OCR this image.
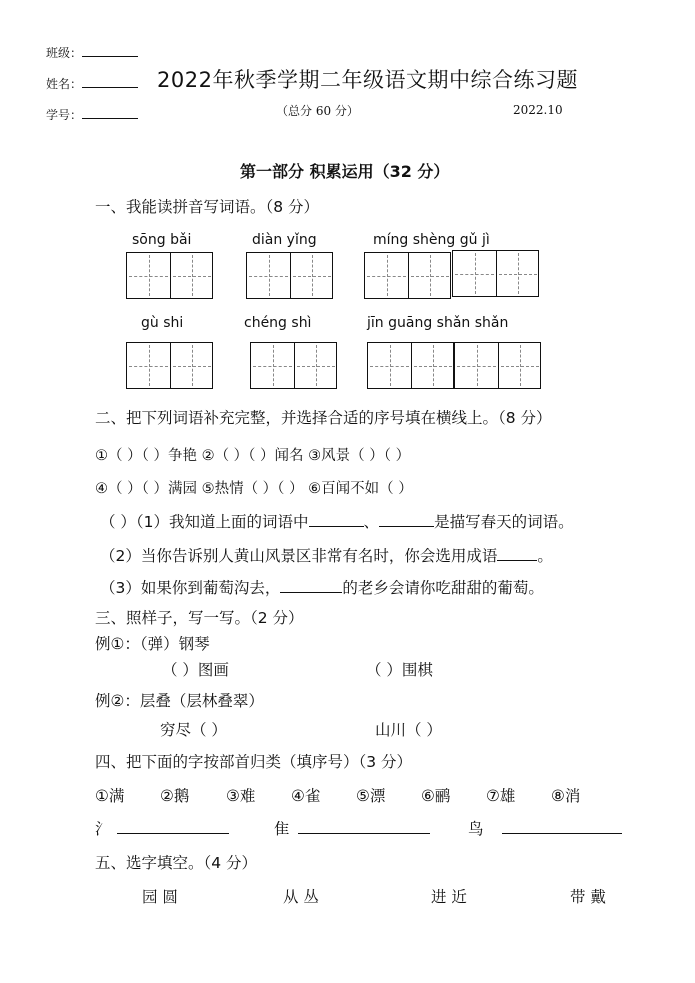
班级：
姓名：	2022年秋季学期二年级语文期中综合练习题
学号：	（总分 60 分）	2022.10
第一部分 积累运用（32 分）
一、我能读拼音写词语。（8 分）
sōng bǎi	diàn yǐng	míng shèng gǔ jì
gù shi	chéng shì	jīn guāng shǎn shǎn
二、把下列词语补充完整，并选择合适的序号填在横线上。（8 分）
①（ ）（ ）争艳 ②（ ）（ ）闻名 ③风景（ ）（ ）
④（ ）（ ）满园 ⑤热情（ ）（ ） ⑥百闻不如（ ）
（ ）（1）我知道上面的词语中	、	是描写春天的词语。
（2）当你告诉别人黄山风景区非常有名时，你会选用成语	。
（3）如果你到葡萄沟去，	的老乡会请你吃甜甜的葡萄。
三、照样子，写一写。（2 分）
例①：（弹）钢琴
（ ）图画	（ ）围棋
例②：层叠（层林叠翠）
穷尽（ ）	山川（ ）
四、把下面的字按部首归类（填序号）（3 分）
①满 ②鹅 ③难 ④雀 ⑤漂 ⑥鹂 ⑦雄 ⑧消
氵	隹	鸟
五、选字填空。（4 分）
园 圆	从 丛	进 近	带 戴
